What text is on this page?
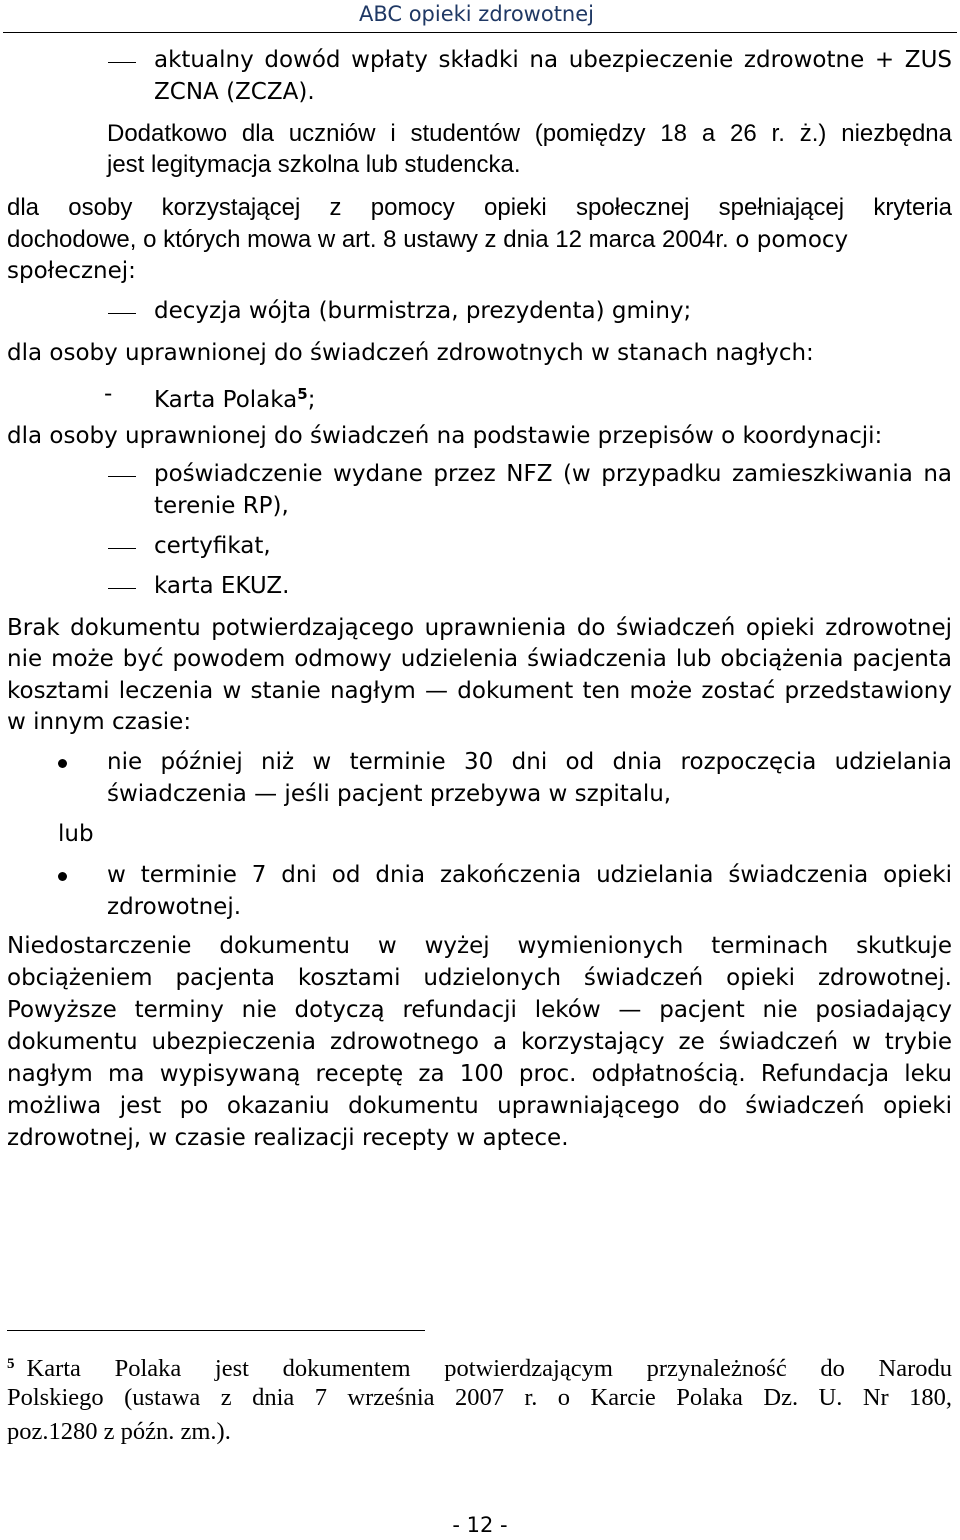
ABC opieki zdrowotnej
aktualny dowód wpłaty składki na ubezpieczenie zdrowotne + ZUS
ZCNA (ZCZA).
Dodatkowo dla uczniów i studentów (pomiędzy 18 a 26 r. ż.) niezbędna
jest legitymacja szkolna lub studencka.
dla osoby korzystającej z pomocy opieki społecznej spełniającej kryteria
dochodowe, o których mowa w art. 8 ustawy z dnia 12 marca 2004r. o pomocy
społecznej:
decyzja wójta (burmistrza, prezydenta) gminy;
dla osoby uprawnionej do świadczeń zdrowotnych w stanach nagłych:
- Karta Polaka$^5$;
dla osoby uprawnionej do świadczeń na podstawie przepisów o koordynacji:
poświadczenie wydane przez NFZ (w przypadku zamieszkiwania na
terenie RP),
certyfikat,
karta EKUZ.
Brak dokumentu potwierdzającego uprawnienia do świadczeń opieki zdrowotnej
nie może być powodem odmowy udzielenia świadczenia lub obciążenia pacjenta
kosztami leczenia w stanie nagłym — dokument ten może zostać przedstawiony
w innym czasie:
nie później niż w terminie 30 dni od dnia rozpoczęcia udzielania
świadczenia — jeśli pacjent przebywa w szpitalu,
lub
w terminie 7 dni od dnia zakończenia udzielania świadczenia opieki
zdrowotnej.
Niedostarczenie dokumentu w wyżej wymienionych terminach skutkuje
obciążeniem pacjenta kosztami udzielonych świadczeń opieki zdrowotnej.
Powyższe terminy nie dotyczą refundacji leków — pacjent nie posiadający
dokumentu ubezpieczenia zdrowotnego a korzystający ze świadczeń w trybie
nagłym ma wypisywaną receptę za 100 proc. odpłatnością. Refundacja leku
możliwa jest po okazaniu dokumentu uprawniającego do świadczeń opieki
zdrowotnej, w czasie realizacji recepty w aptece.
$^5$ Karta Polaka jest dokumentem potwierdzającym przynależność do Narodu
Polskiego (ustawa z dnia 7 września 2007 r. o Karcie Polaka Dz. U. Nr 180,
poz.1280 z późn. zm.).
- 12 -
